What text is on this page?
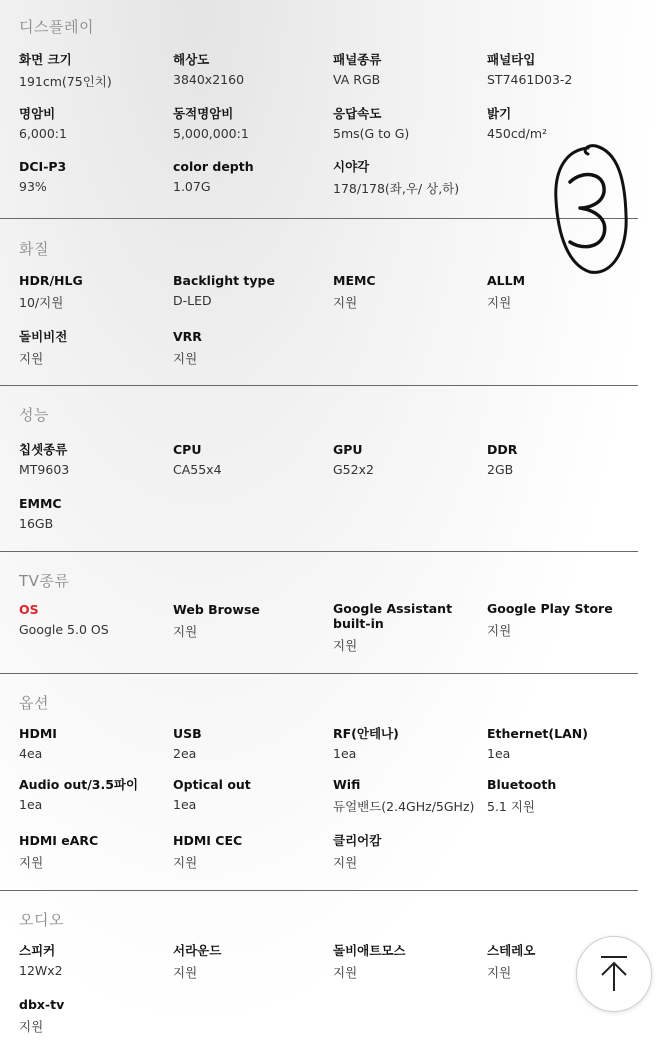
디스플레이
화면 크기
191cm(75인치)
해상도
3840x2160
패널종류
VA RGB
패널타입
ST7461D03-2
명암비
6,000:1
동적명암비
5,000,000:1
응답속도
5ms(G to G)
밝기
450cd/m²
DCI-P3
93%
color depth
1.07G
시야각
178/178(좌,우/ 상,하)
화질
HDR/HLG
10/지원
Backlight type
D-LED
MEMC
지원
ALLM
지원
돌비비전
지원
VRR
지원
성능
칩셋종류
MT9603
CPU
CA55x4
GPU
G52x2
DDR
2GB
EMMC
16GB
TV종류
OS
Google 5.0 OS
Web Browse
지원
Google Assistant
built-in
지원
Google Play Store
지원
옵션
HDMI
4ea
USB
2ea
RF(안테나)
1ea
Ethernet(LAN)
1ea
Audio out/3.5파이
1ea
Optical out
1ea
Wifi
듀얼밴드(2.4GHz/5GHz)
Bluetooth
5.1 지원
HDMI eARC
지원
HDMI CEC
지원
클리어캄
지원
오디오
스피커
12Wx2
서라운드
지원
돌비애트모스
지원
스테레오
지원
dbx-tv
지원
